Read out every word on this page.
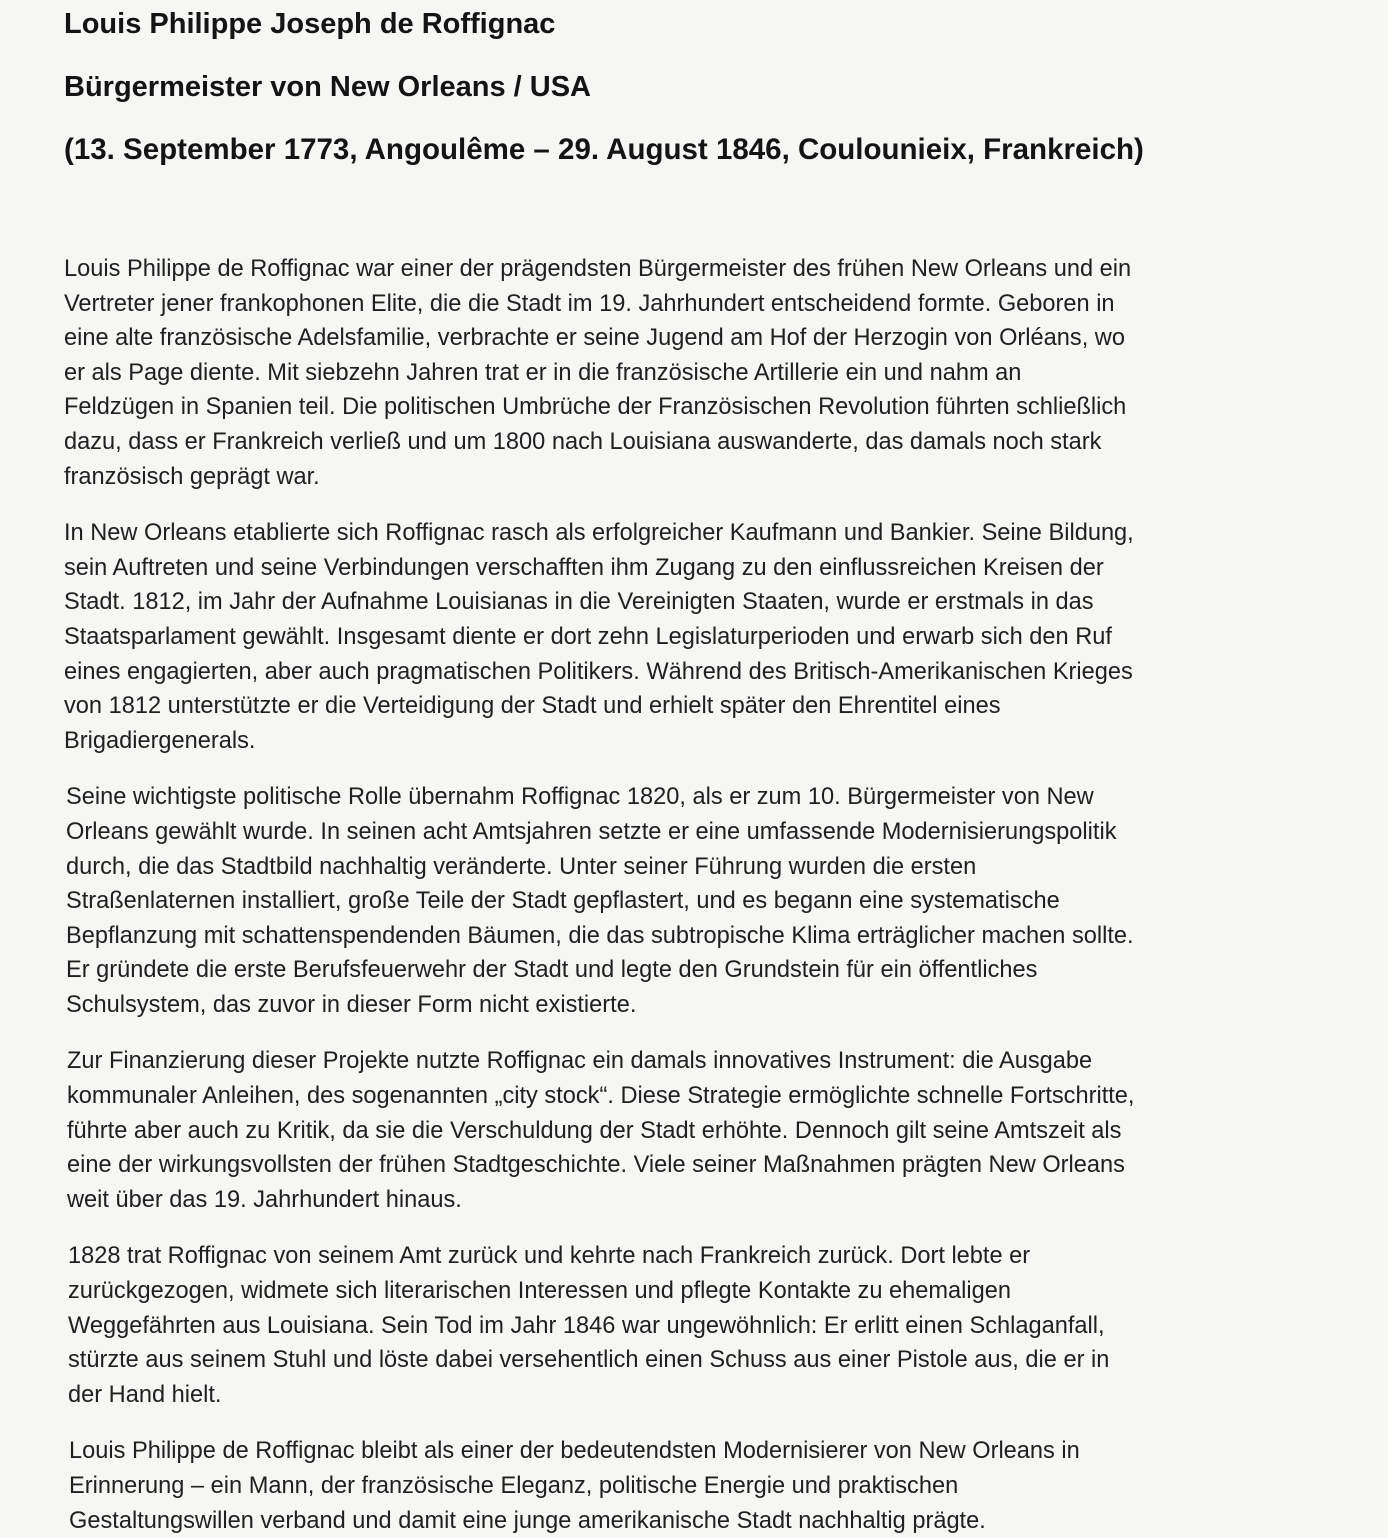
Louis Philippe Joseph de Roffignac
Bürgermeister von New Orleans / USA
(13. September 1773, Angoulême – 29. August 1846, Coulounieix, Frankreich)

Louis Philippe de Roffignac war einer der prägendsten Bürgermeister des frühen New Orleans und ein
Vertreter jener frankophonen Elite, die die Stadt im 19. Jahrhundert entscheidend formte. Geboren in
eine alte französische Adelsfamilie, verbrachte er seine Jugend am Hof der Herzogin von Orléans, wo
er als Page diente. Mit siebzehn Jahren trat er in die französische Artillerie ein und nahm an
Feldzügen in Spanien teil. Die politischen Umbrüche der Französischen Revolution führten schließlich
dazu, dass er Frankreich verließ und um 1800 nach Louisiana auswanderte, das damals noch stark
französisch geprägt war.

In New Orleans etablierte sich Roffignac rasch als erfolgreicher Kaufmann und Bankier. Seine Bildung,
sein Auftreten und seine Verbindungen verschafften ihm Zugang zu den einflussreichen Kreisen der
Stadt. 1812, im Jahr der Aufnahme Louisianas in die Vereinigten Staaten, wurde er erstmals in das
Staatsparlament gewählt. Insgesamt diente er dort zehn Legislaturperioden und erwarb sich den Ruf
eines engagierten, aber auch pragmatischen Politikers. Während des Britisch-Amerikanischen Krieges
von 1812 unterstützte er die Verteidigung der Stadt und erhielt später den Ehrentitel eines
Brigadiergenerals.

Seine wichtigste politische Rolle übernahm Roffignac 1820, als er zum 10. Bürgermeister von New
Orleans gewählt wurde. In seinen acht Amtsjahren setzte er eine umfassende Modernisierungspolitik
durch, die das Stadtbild nachhaltig veränderte. Unter seiner Führung wurden die ersten
Straßenlaternen installiert, große Teile der Stadt gepflastert, und es begann eine systematische
Bepflanzung mit schattenspendenden Bäumen, die das subtropische Klima erträglicher machen sollte.
Er gründete die erste Berufsfeuerwehr der Stadt und legte den Grundstein für ein öffentliches
Schulsystem, das zuvor in dieser Form nicht existierte.

Zur Finanzierung dieser Projekte nutzte Roffignac ein damals innovatives Instrument: die Ausgabe
kommunaler Anleihen, des sogenannten „city stock“. Diese Strategie ermöglichte schnelle Fortschritte,
führte aber auch zu Kritik, da sie die Verschuldung der Stadt erhöhte. Dennoch gilt seine Amtszeit als
eine der wirkungsvollsten der frühen Stadtgeschichte. Viele seiner Maßnahmen prägten New Orleans
weit über das 19. Jahrhundert hinaus.

1828 trat Roffignac von seinem Amt zurück und kehrte nach Frankreich zurück. Dort lebte er
zurückgezogen, widmete sich literarischen Interessen und pflegte Kontakte zu ehemaligen
Weggefährten aus Louisiana. Sein Tod im Jahr 1846 war ungewöhnlich: Er erlitt einen Schlaganfall,
stürzte aus seinem Stuhl und löste dabei versehentlich einen Schuss aus einer Pistole aus, die er in
der Hand hielt.

Louis Philippe de Roffignac bleibt als einer der bedeutendsten Modernisierer von New Orleans in
Erinnerung – ein Mann, der französische Eleganz, politische Energie und praktischen
Gestaltungswillen verband und damit eine junge amerikanische Stadt nachhaltig prägte.
